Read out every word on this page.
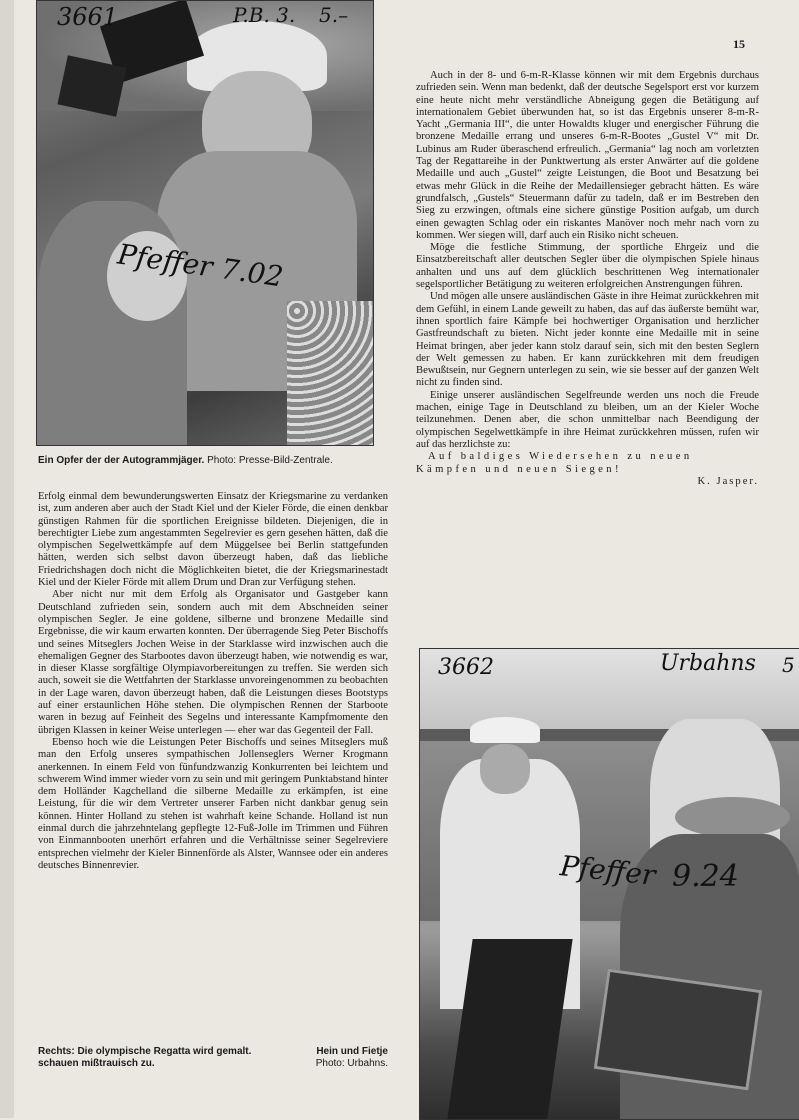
15
3661	P.B. 3. 5.–
Pfeffer 7.02
Ein Opfer der der Autogrammjäger. Photo: Presse-Bild-Zentrale.

Erfolg einmal dem bewunderungswerten Einsatz der Kriegsmarine zu verdanken ist, zum anderen aber auch der Stadt Kiel und der Kieler Förde, die einen denkbar günstigen Rahmen für die sportlichen Ereignisse bildeten. Diejenigen, die in berechtigter Liebe zum angestammten Segelrevier es gern gesehen hätten, daß die olympischen Segelwettkämpfe auf dem Müggelsee bei Berlin stattgefunden hätten, werden sich selbst davon überzeugt haben, daß das liebliche Friedrichshagen doch nicht die Möglichkeiten bietet, die der Kriegsmarinestadt Kiel und der Kieler Förde mit allem Drum und Dran zur Verfügung stehen.

Aber nicht nur mit dem Erfolg als Organisator und Gastgeber kann Deutschland zufrieden sein, sondern auch mit dem Abschneiden seiner olympischen Segler. Je eine goldene, silberne und bronzene Medaille sind Ergebnisse, die wir kaum erwarten konnten. Der überragende Sieg Peter Bischoffs und seines Mitseglers Jochen Weise in der Starklasse wird inzwischen auch die ehemaligen Gegner des Starbootes davon überzeugt haben, wie notwendig es war, in dieser Klasse sorgfältige Olympiavorbereitungen zu treffen. Sie werden sich auch, soweit sie die Wettfahrten der Starklasse unvoreingenommen zu beobachten in der Lage waren, davon überzeugt haben, daß die Leistungen dieses Bootstyps auf einer erstaunlichen Höhe stehen. Die olympischen Rennen der Starboote waren in bezug auf Feinheit des Segelns und interessante Kampfmomente den übrigen Klassen in keiner Weise unterlegen — eher war das Gegenteil der Fall.

Ebenso hoch wie die Leistungen Peter Bischoffs und seines Mitseglers muß man den Erfolg unseres sympathischen Jollenseglers Werner Krogmann anerkennen. In einem Feld von fünfundzwanzig Konkurrenten bei leichtem und schwerem Wind immer wieder vorn zu sein und mit geringem Punktabstand hinter dem Holländer Kagchelland die silberne Medaille zu erkämpfen, ist eine Leistung, für die wir dem Vertreter unserer Farben nicht dankbar genug sein können. Hinter Holland zu stehen ist wahrhaft keine Schande. Holland ist nun einmal durch die jahrzehntelang gepflegte 12-Fuß-Jolle im Trimmen und Führen von Einmannbooten unerhört erfahren und die Verhältnisse seiner Segelreviere entsprechen vielmehr der Kieler Binnenförde als Alster, Wannsee oder ein anderes deutsches Binnenrevier.

Auch in der 8- und 6-m-R-Klasse können wir mit dem Ergebnis durchaus zufrieden sein. Wenn man bedenkt, daß der deutsche Segelsport erst vor kurzem eine heute nicht mehr verständliche Abneigung gegen die Betätigung auf internationalem Gebiet überwunden hat, so ist das Ergebnis unserer 8-m-R-Yacht „Germania III“, die unter Howaldts kluger und energischer Führung die bronzene Medaille errang und unseres 6-m-R-Bootes „Gustel V“ mit Dr. Lubinus am Ruder überaschend erfreulich. „Germania“ lag noch am vorletzten Tag der Regattareihe in der Punktwertung als erster Anwärter auf die goldene Medaille und auch „Gustel“ zeigte Leistungen, die Boot und Besatzung bei etwas mehr Glück in die Reihe der Medaillensieger gebracht hätten. Es wäre grundfalsch, „Gustels“ Steuermann dafür zu tadeln, daß er im Bestreben den Sieg zu erzwingen, oftmals eine sichere günstige Position aufgab, um durch einen gewagten Schlag oder ein riskantes Manöver noch mehr nach vorn zu kommen. Wer siegen will, darf auch ein Risiko nicht scheuen.

Möge die festliche Stimmung, der sportliche Ehrgeiz und die Einsatzbereitschaft aller deutschen Segler über die olympischen Spiele hinaus anhalten und uns auf dem glücklich beschrittenen Weg internationaler segelsportlicher Betätigung zu weiteren erfolgreichen Anstrengungen führen.

Und mögen alle unsere ausländischen Gäste in ihre Heimat zurückkehren mit dem Gefühl, in einem Lande geweilt zu haben, das auf das äußerste bemüht war, ihnen sportlich faire Kämpfe bei hochwertiger Organisation und herzlicher Gastfreundschaft zu bieten. Nicht jeder konnte eine Medaille mit in seine Heimat bringen, aber jeder kann stolz darauf sein, sich mit den besten Seglern der Welt gemessen zu haben. Er kann zurückkehren mit dem freudigen Bewußtsein, nur Gegnern unterlegen zu sein, wie sie besser auf der ganzen Welt nicht zu finden sind.

Einige unserer ausländischen Segelfreunde werden uns noch die Freude machen, einige Tage in Deutschland zu bleiben, um an der Kieler Woche teilzunehmen. Denen aber, die schon unmittelbar nach Beendigung der olympischen Segelwettkämpfe in ihre Heimat zurückkehren müssen, rufen wir auf das herzlichste zu:

Auf baldiges Wiedersehen zu neuen

Kämpfen und neuen Siegen!

K. Jasper.

3662	Urbahns 5
Pfeffer 9.24
Rechts: Die olympische Regatta wird gemalt.
schauen mißtrauisch zu.
Hein und Fietje
Photo: Urbahns.
